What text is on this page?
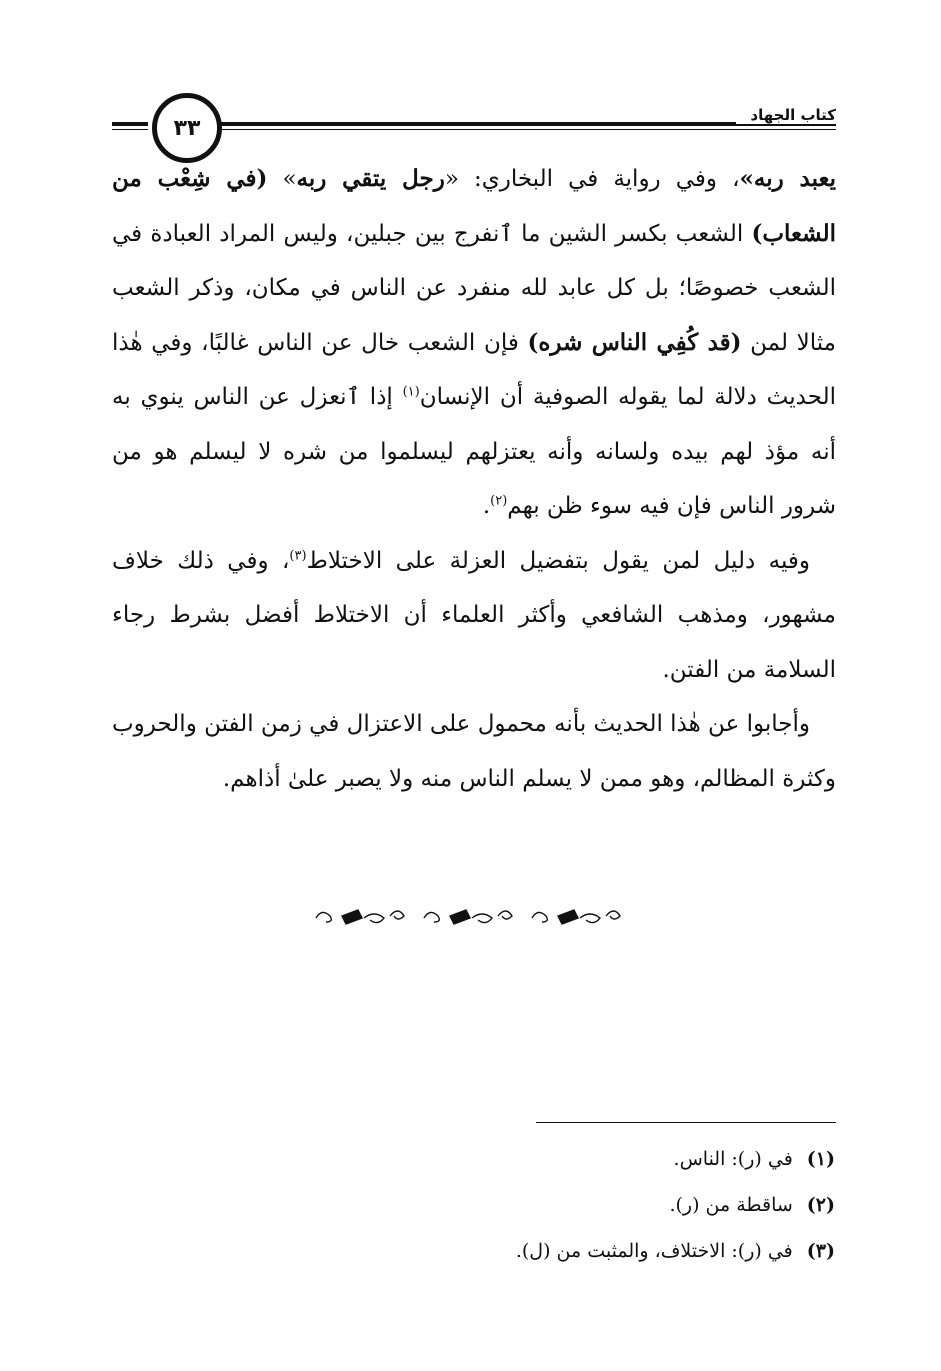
كتاب الجهاد
٣٣

يعبد ربه»، وفي رواية في البخاري: «رجل يتقي ربه» (في شِعْب من الشعاب) الشعب بكسر الشين ما ٱنفرج بين جبلين، وليس المراد العبادة في الشعب خصوصًا؛ بل كل عابد لله منفرد عن الناس في مكان، وذكر الشعب مثالا لمن (قد كُفِي الناس شره) فإن الشعب خال عن الناس غالبًا، وفي هٰذا الحديث دلالة لما يقوله الصوفية أن الإنسان$^{(١)}$ إذا ٱنعزل عن الناس ينوي به أنه مؤذ لهم بيده ولسانه وأنه يعتزلهم ليسلموا من شره لا ليسلم هو من شرور الناس فإن فيه سوء ظن بهم$^{(٢)}$.

وفيه دليل لمن يقول بتفضيل العزلة على الاختلاط$^{(٣)}$، وفي ذلك خلاف مشهور، ومذهب الشافعي وأكثر العلماء أن الاختلاط أفضل بشرط رجاء السلامة من الفتن.

وأجابوا عن هٰذا الحديث بأنه محمول على الاعتزال في زمن الفتن والحروب وكثرة المظالم، وهو ممن لا يسلم الناس منه ولا يصبر علىٰ أذاهم.

(١)
في (ر): الناس.
(٢)
ساقطة من (ر).
(٣)
في (ر): الاختلاف، والمثبت من (ل).
